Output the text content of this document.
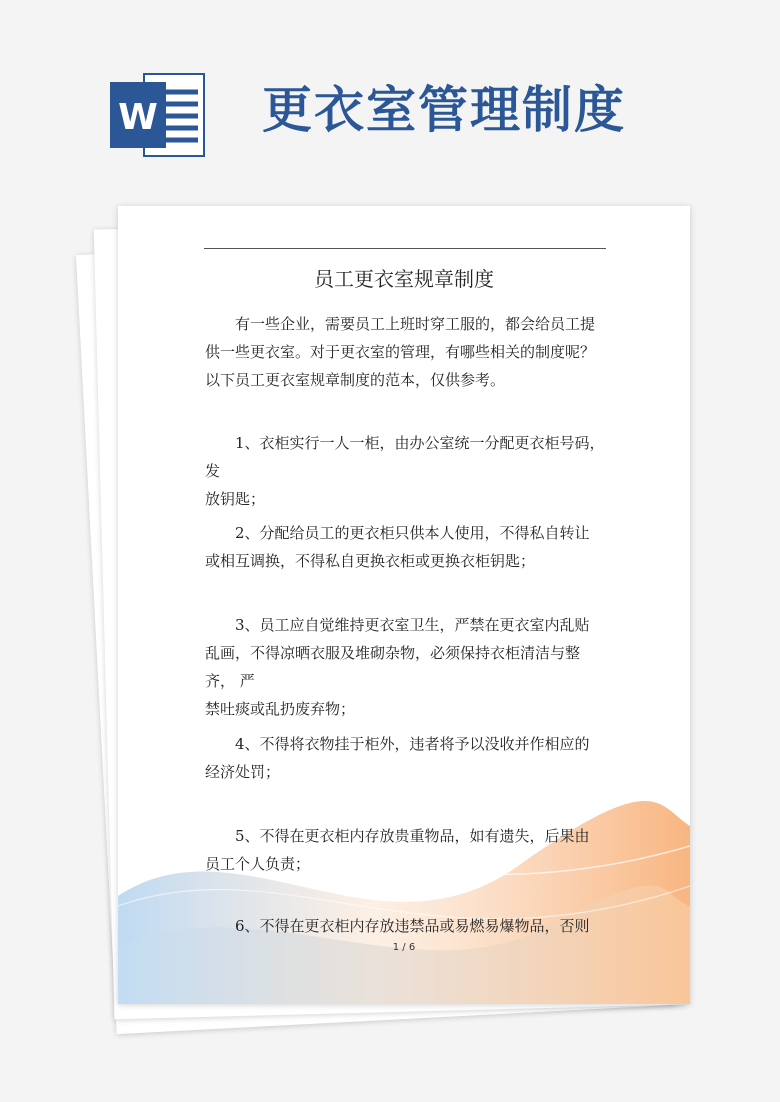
W 更衣室管理制度
员工更衣室规章制度
有一些企业，需要员工上班时穿工服的，都会给员工提
供一些更衣室。对于更衣室的管理，有哪些相关的制度呢？
以下员工更衣室规章制度的范本，仅供参考。
1、衣柜实行一人一柜，由办公室统一分配更衣柜号码， 发
放钥匙；
2、分配给员工的更衣柜只供本人使用，不得私自转让
或相互调换，不得私自更换衣柜或更换衣柜钥匙；
3、员工应自觉维持更衣室卫生，严禁在更衣室内乱贴
乱画，不得凉晒衣服及堆砌杂物，必须保持衣柜清洁与整齐， 严
禁吐痰或乱扔废弃物；
4、不得将衣物挂于柜外，违者将予以没收并作相应的
经济处罚；
5、不得在更衣柜内存放贵重物品，如有遗失，后果由
员工个人负责；
6、不得在更衣柜内存放违禁品或易燃易爆物品，否则
1 / 6
